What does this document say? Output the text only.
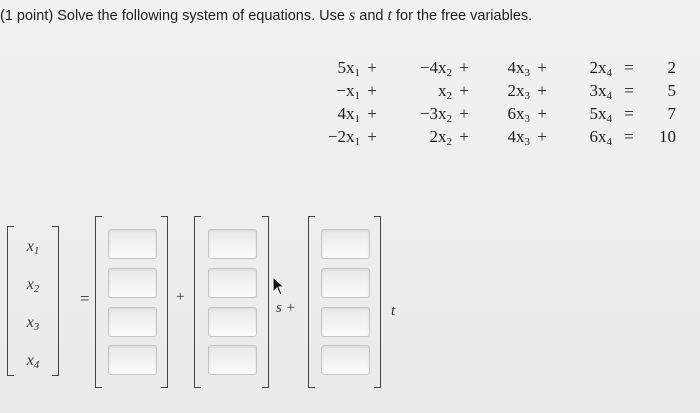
(1 point) Solve the following system of equations. Use s and t for the free variables.
$5x_1$	+	$-4x_2$	+	$4x_3$	+	$2x_4$	=	2
$-x_1$	+	$x_2$	+	$2x_3$	+	$3x_4$	=	5
$4x_1$	+	$-3x_2$	+	$6x_3$	+	$5x_4$	=	7
$-2x_1$	+	$2x_2$	+	$4x_3$	+	$6x_4$	=	10
$x_1$
$x_2$
$x_3$
$x_4$
=	+
s +	t
